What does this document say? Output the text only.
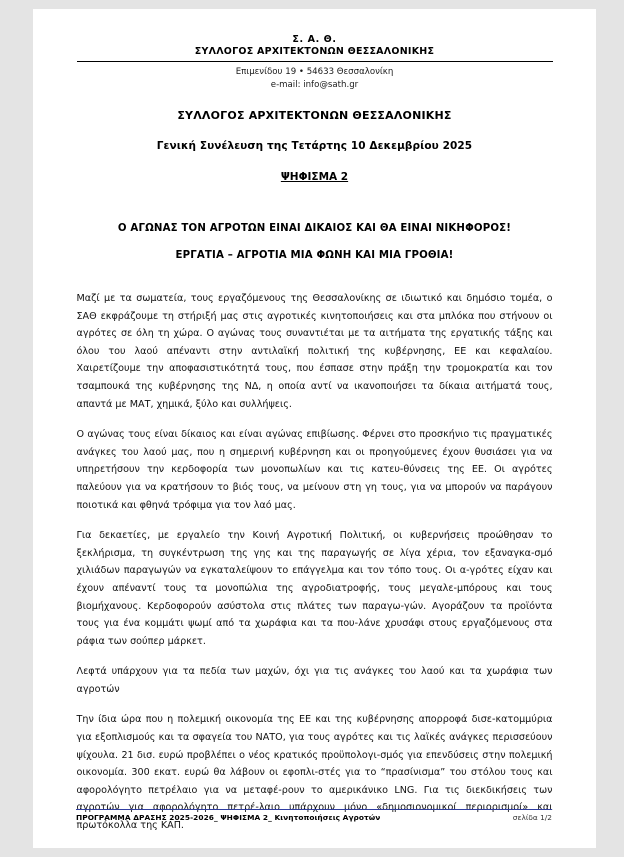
Σ. Α. Θ.
ΣΥΛΛΟΓΟΣ ΑΡΧΙΤΕΚΤΟΝΩΝ ΘΕΣΣΑΛΟΝΙΚΗΣ
Επιμενίδου 19 • 54633 Θεσσαλονίκη
e-mail: info@sath.gr
ΣΥΛΛΟΓΟΣ ΑΡΧΙΤΕΚΤΟΝΩΝ ΘΕΣΣΑΛΟΝΙΚΗΣ
Γενική Συνέλευση της Τετάρτης 10 Δεκεμβρίου 2025
ΨΗΦΙΣΜΑ 2
Ο ΑΓΩΝΑΣ ΤΟΝ ΑΓΡΟΤΩΝ ΕΙΝΑΙ ΔΙΚΑΙΟΣ ΚΑΙ ΘΑ ΕΙΝΑΙ ΝΙΚΗΦΟΡΟΣ!
ΕΡΓΑΤΙΑ – ΑΓΡΟΤΙΑ ΜΙΑ ΦΩΝΗ ΚΑΙ ΜΙΑ ΓΡΟΘΙΑ!

Μαζί με τα σωματεία, τους εργαζόμενους της Θεσσαλονίκης σε ιδιωτικό και δημόσιο τομέα, ο ΣΑΘ εκφράζουμε τη στήριξή μας στις αγροτικές κινητοποιήσεις και στα μπλόκα που στήνουν οι αγρότες σε όλη τη χώρα. Ο αγώνας τους συναντιέται με τα αιτήματα της εργατικής τάξης και όλου του λαού απέναντι στην αντιλαϊκή πολιτική της κυβέρνησης, ΕΕ και κεφαλαίου. Χαιρετίζουμε την αποφασιστικότητά τους, που έσπασε στην πράξη την τρομοκρατία και τον τσαμπουκά της κυβέρνησης της ΝΔ, η οποία αντί να ικανοποιήσει τα δίκαια αιτήματά τους, απαντά με ΜΑΤ, χημικά, ξύλο και συλλήψεις.

Ο αγώνας τους είναι δίκαιος και είναι αγώνας επιβίωσης. Φέρνει στο προσκήνιο τις πραγματικές ανάγκες του λαού μας, που η σημερινή κυβέρνηση και οι προηγούμενες έχουν θυσιάσει για να υπηρετήσουν την κερδοφορία των μονοπωλίων και τις κατευ-θύνσεις της ΕΕ. Οι αγρότες παλεύουν για να κρατήσουν το βιός τους, να μείνουν στη γη τους, για να μπορούν να παράγουν ποιοτικά και φθηνά τρόφιμα για τον λαό μας.

Για δεκαετίες, με εργαλείο την Κοινή Αγροτική Πολιτική, οι κυβερνήσεις προώθησαν το ξεκλήρισμα, τη συγκέντρωση της γης και της παραγωγής σε λίγα χέρια, τον εξαναγκα-σμό χιλιάδων παραγωγών να εγκαταλείψουν το επάγγελμα και τον τόπο τους. Οι α-γρότες είχαν και έχουν απέναντί τους τα μονοπώλια της αγροδιατροφής, τους μεγαλε-μπόρους και τους βιομήχανους. Κερδοφορούν ασύστολα στις πλάτες των παραγω-γών. Αγοράζουν τα προϊόντα τους για ένα κομμάτι ψωμί από τα χωράφια και τα που-λάνε χρυσάφι στους εργαζόμενους στα ράφια των σούπερ μάρκετ.

Λεφτά υπάρχουν για τα πεδία των μαχών, όχι για τις ανάγκες του λαού και τα χωράφια των αγροτών

Την ίδια ώρα που η πολεμική οικονομία της ΕΕ και της κυβέρνησης απορροφά δισε-κατομμύρια για εξοπλισμούς και τα σφαγεία του ΝΑΤΟ, για τους αγρότες και τις λαϊκές ανάγκες περισσεύουν ψίχουλα. 21 δισ. ευρώ προβλέπει ο νέος κρατικός προϋπολογι-σμός για επενδύσεις στην πολεμική οικονομία. 300 εκατ. ευρώ θα λάβουν οι εφοπλι-στές για το “πρασίνισμα” του στόλου τους και αφορολόγητο πετρέλαιο για να μεταφέ-ρουν το αμερικάνικο LNG. Για τις διεκδικήσεις των αγροτών για αφορολόγητο πετρέ-λαιο υπάρχουν μόνο «δημοσιονομικοί περιορισμοί» και πρωτόκολλα της ΚΑΠ.

ΠΡΟΓΡΑΜΜΑ ΔΡΑΣΗΣ 2025-2026_ ΨΗΦΙΣΜΑ 2_ Κινητοποιήσεις Αγροτών	σελίδα 1/2
